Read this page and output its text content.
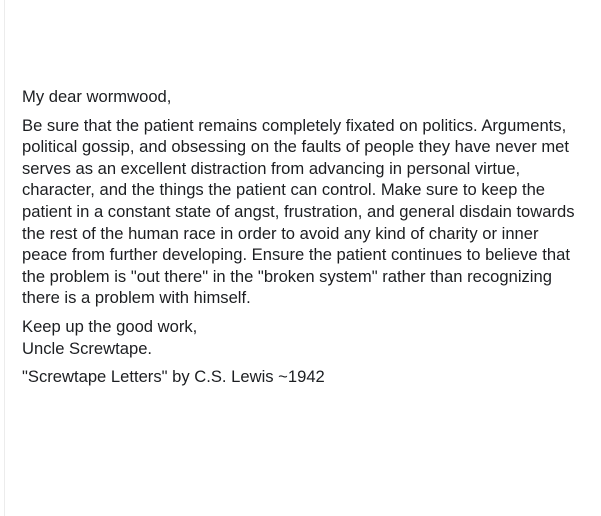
My dear wormwood,

Be sure that the patient remains completely fixated on politics. Arguments, political gossip, and obsessing on the faults of people they have never met serves as an excellent distraction from advancing in personal virtue, character, and the things the patient can control. Make sure to keep the patient in a constant state of angst, frustration, and general disdain towards the rest of the human race in order to avoid any kind of charity or inner peace from further developing. Ensure the patient continues to believe that the problem is "out there" in the "broken system" rather than recognizing there is a problem with himself.

Keep up the good work,

Uncle Screwtape.

"Screwtape Letters" by C.S. Lewis ~1942
